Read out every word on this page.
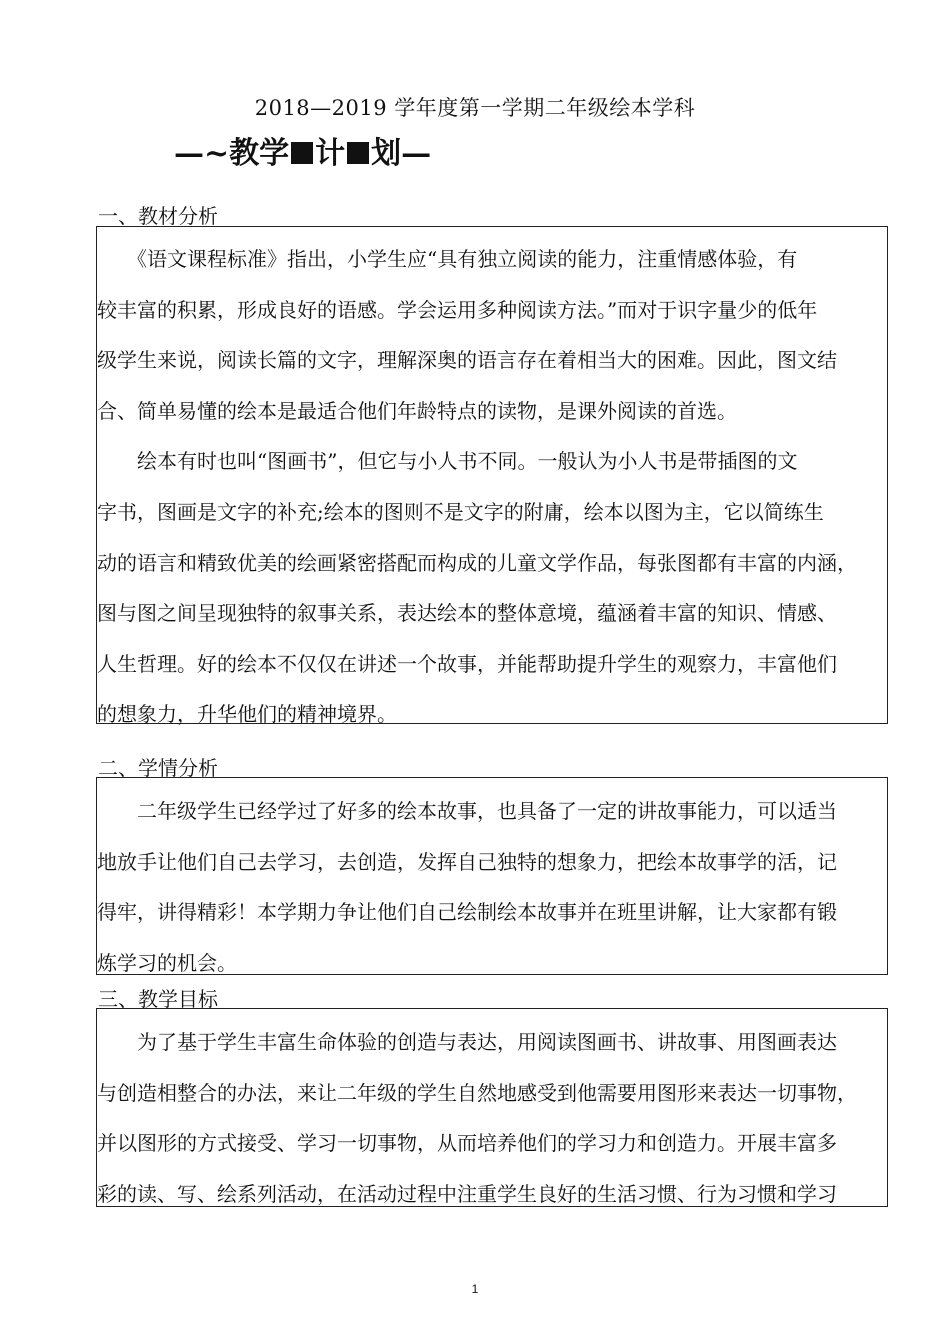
2018—2019 学年度第一学期二年级绘本学科
—~教学 计 划—
一、教材分析

　　《语文课程标准》指出，小学生应“具有独立阅读的能力，注重情感体验，有

较丰富的积累，形成良好的语感。学会运用多种阅读方法。”而对于识字量少的低年

级学生来说，阅读长篇的文字，理解深奥的语言存在着相当大的困难。因此，图文结

合、简单易懂的绘本是最适合他们年龄特点的读物，是课外阅读的首选。

　　绘本有时也叫“图画书”，但它与小人书不同。一般认为小人书是带插图的文

字书，图画是文字的补充;绘本的图则不是文字的附庸，绘本以图为主，它以简练生

动的语言和精致优美的绘画紧密搭配而构成的儿童文学作品，每张图都有丰富的内涵，

图与图之间呈现独特的叙事关系，表达绘本的整体意境，蕴涵着丰富的知识、情感、

人生哲理。好的绘本不仅仅在讲述一个故事，并能帮助提升学生的观察力，丰富他们

的想象力，升华他们的精神境界。

二、学情分析

　　二年级学生已经学过了好多的绘本故事，也具备了一定的讲故事能力，可以适当

地放手让他们自己去学习，去创造，发挥自己独特的想象力，把绘本故事学的活，记

得牢，讲得精彩！本学期力争让他们自己绘制绘本故事并在班里讲解，让大家都有锻

炼学习的机会。

三、教学目标

　　为了基于学生丰富生命体验的创造与表达，用阅读图画书、讲故事、用图画表达

与创造相整合的办法，来让二年级的学生自然地感受到他需要用图形来表达一切事物，

并以图形的方式接受、学习一切事物，从而培养他们的学习力和创造力。开展丰富多

彩的读、写、绘系列活动，在活动过程中注重学生良好的生活习惯、行为习惯和学习

1
